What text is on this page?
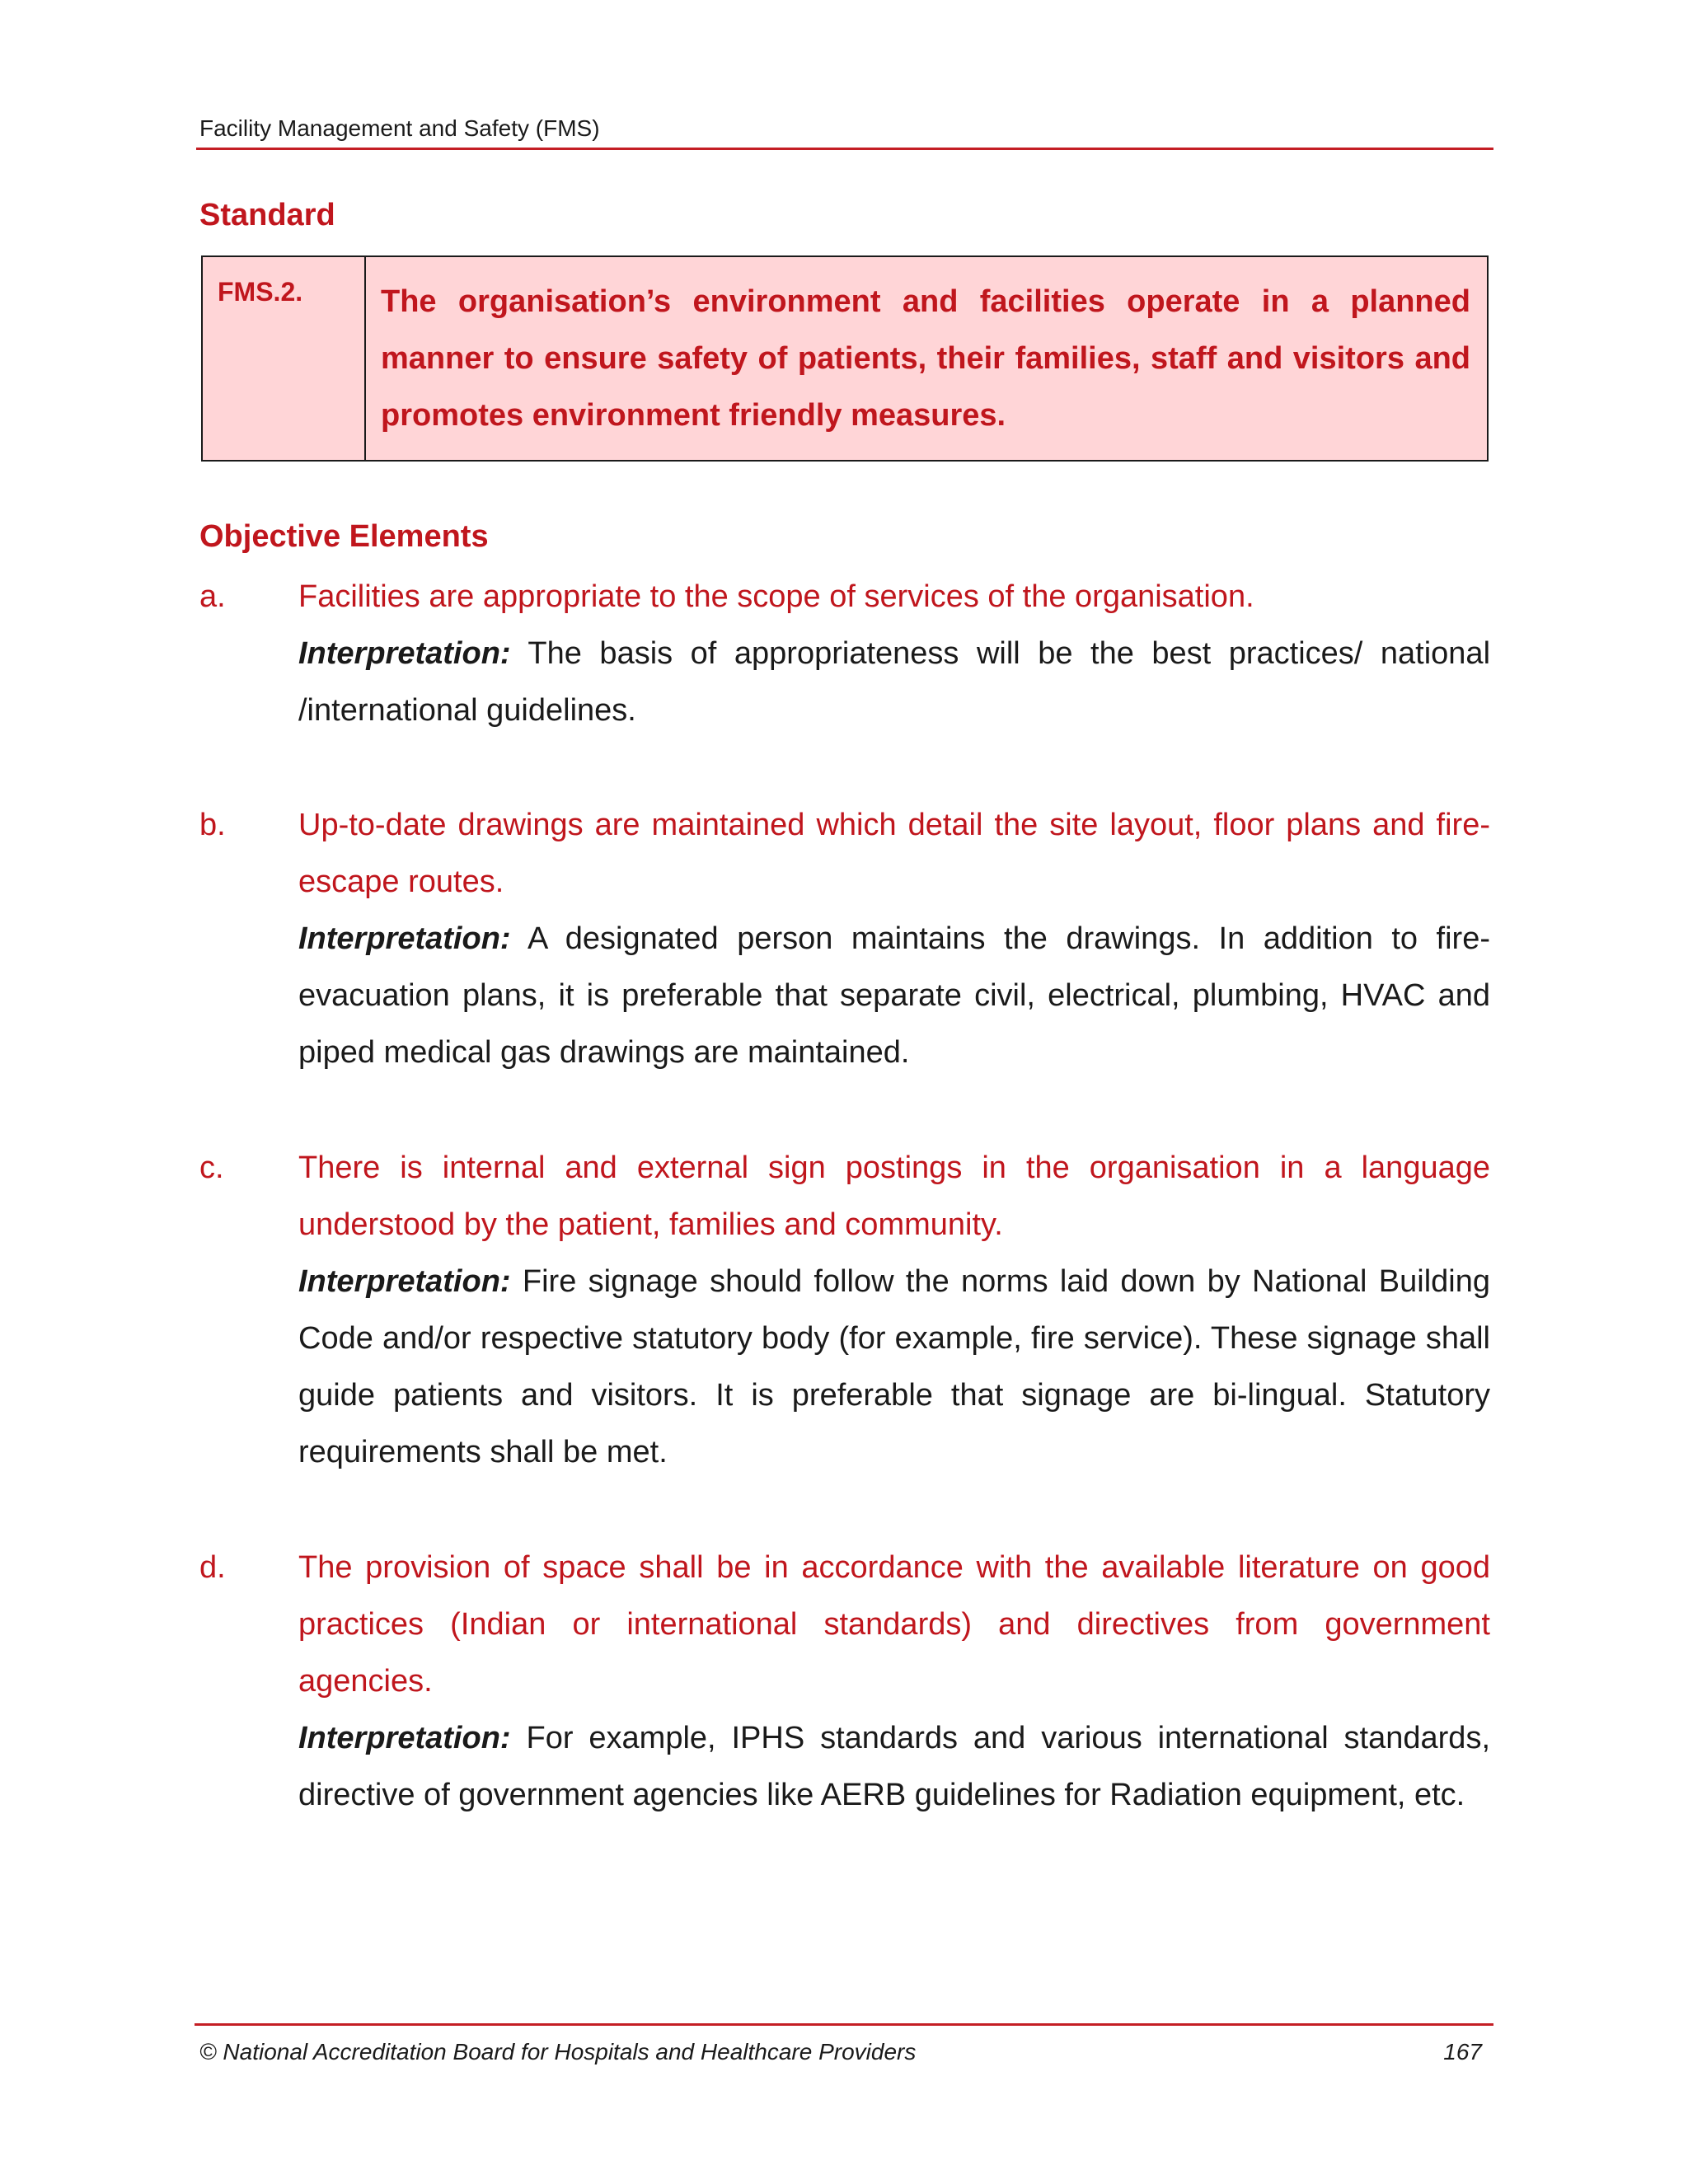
Facility Management and Safety (FMS)
Standard
FMS.2.	The organisation’s environment and facilities operate in a planned manner to ensure safety of patients, their families, staff and visitors and promotes environment friendly measures.
Objective Elements
a. Facilities are appropriate to the scope of services of the organisation.

Interpretation: The basis of appropriateness will be the best practices/ national /international guidelines.

b. Up-to-date drawings are maintained which detail the site layout, floor plans and fire-escape routes.

Interpretation: A designated person maintains the drawings. In addition to fire-evacuation plans, it is preferable that separate civil, electrical, plumbing, HVAC and piped medical gas drawings are maintained.

c. There is internal and external sign postings in the organisation in a language understood by the patient, families and community.

Interpretation: Fire signage should follow the norms laid down by National Building Code and/or respective statutory body (for example, fire service). These signage shall guide patients and visitors. It is preferable that signage are bi-lingual. Statutory requirements shall be met.

d. The provision of space shall be in accordance with the available literature on good practices (Indian or international standards) and directives from government agencies.

Interpretation: For example, IPHS standards and various international standards, directive of government agencies like AERB guidelines for Radiation equipment, etc.

© National Accreditation Board for Hospitals and Healthcare Providers	167
